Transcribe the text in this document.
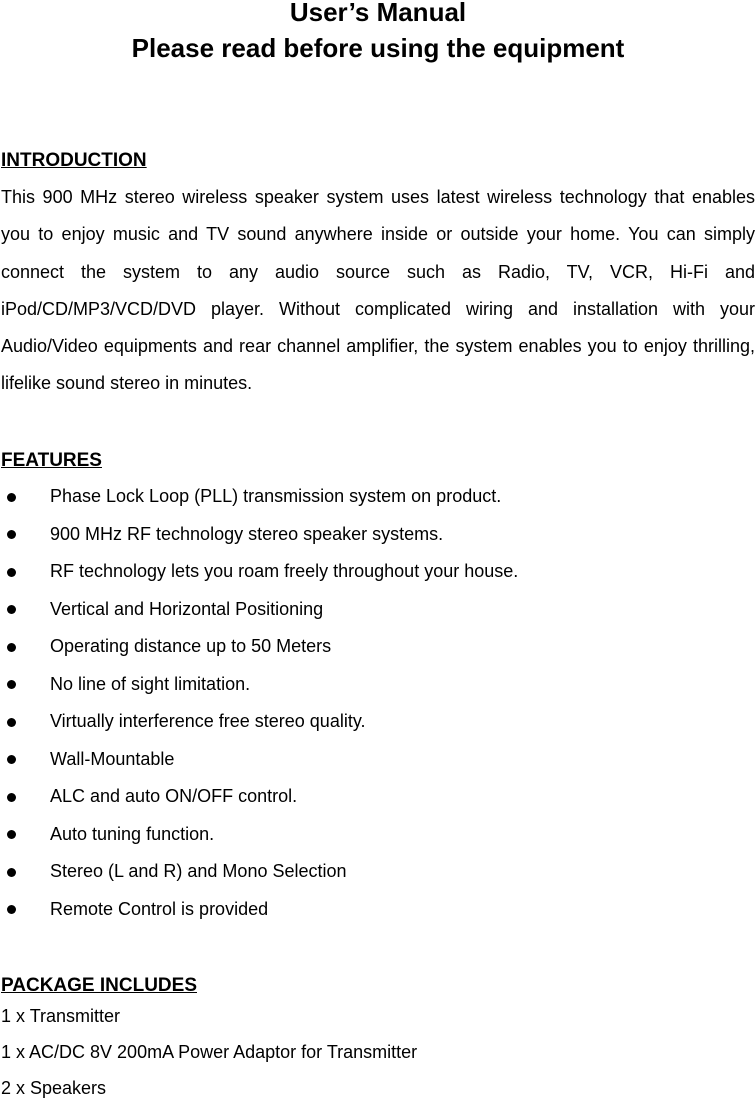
User’s Manual
Please read before using the equipment
INTRODUCTION

This 900 MHz stereo wireless speaker system uses latest wireless technology that enables you to enjoy music and TV sound anywhere inside or outside your home. You can simply connect the system to any audio source such as Radio, TV, VCR, Hi-Fi and iPod/CD/MP3/VCD/DVD player. Without complicated wiring and installation with your Audio/Video equipments and rear channel amplifier, the system enables you to enjoy thrilling, lifelike sound stereo in minutes.

FEATURES
Phase Lock Loop (PLL) transmission system on product.
900 MHz RF technology stereo speaker systems.
RF technology lets you roam freely throughout your house.
Vertical and Horizontal Positioning
Operating distance up to 50 Meters
No line of sight limitation.
Virtually interference free stereo quality.
Wall-Mountable
ALC and auto ON/OFF control.
Auto tuning function.
Stereo (L and R) and Mono Selection
Remote Control is provided
PACKAGE INCLUDES
1 x Transmitter
1 x AC/DC 8V 200mA Power Adaptor for Transmitter
2 x Speakers
